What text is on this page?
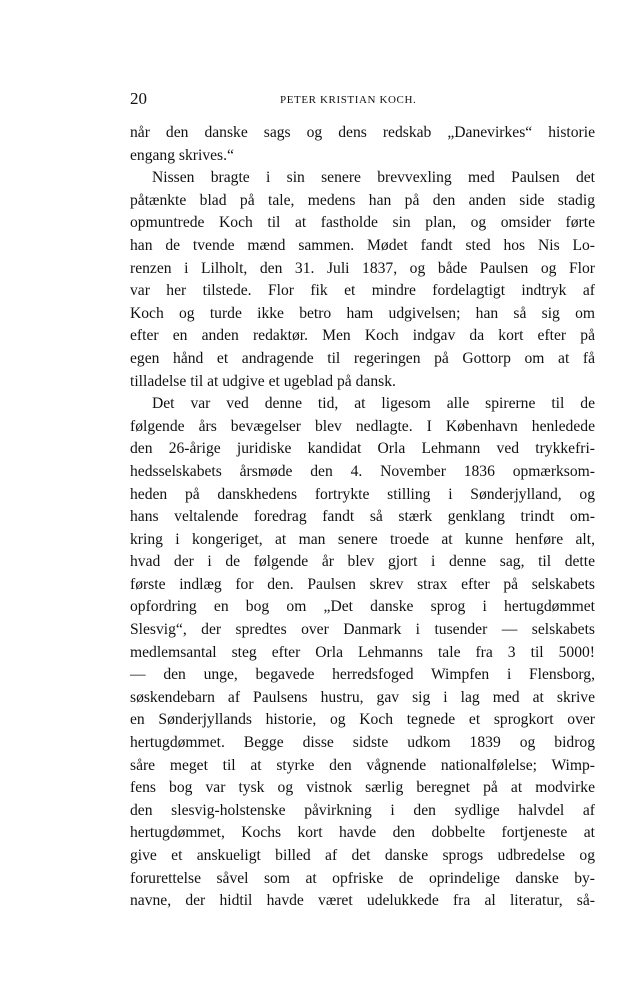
20	PETER KRISTIAN KOCH.
når den danske sags og dens redskab „Danevirkes“ historie
engang skrives.“
Nissen bragte i sin senere brevvexling med Paulsen det
påtænkte blad på tale, medens han på den anden side stadig
opmuntrede Koch til at fastholde sin plan, og omsider førte
han de tvende mænd sammen. Mødet fandt sted hos Nis Lo-
renzen i Lilholt, den 31. Juli 1837, og både Paulsen og Flor
var her tilstede. Flor fik et mindre fordelagtigt indtryk af
Koch og turde ikke betro ham udgivelsen; han så sig om
efter en anden redaktør. Men Koch indgav da kort efter på
egen hånd et andragende til regeringen på Gottorp om at få
tilladelse til at udgive et ugeblad på dansk.
Det var ved denne tid, at ligesom alle spirerne til de
følgende års bevægelser blev nedlagte. I København henledede
den 26-årige juridiske kandidat Orla Lehmann ved trykkefri-
hedsselskabets årsmøde den 4. November 1836 opmærksom-
heden på danskhedens fortrykte stilling i Sønderjylland, og
hans veltalende foredrag fandt så stærk genklang trindt om-
kring i kongeriget, at man senere troede at kunne henføre alt,
hvad der i de følgende år blev gjort i denne sag, til dette
første indlæg for den. Paulsen skrev strax efter på selskabets
opfordring en bog om „Det danske sprog i hertugdømmet
Slesvig“, der spredtes over Danmark i tusender — selskabets
medlemsantal steg efter Orla Lehmanns tale fra 3 til 5000!
— den unge, begavede herredsfoged Wimpfen i Flensborg,
søskendebarn af Paulsens hustru, gav sig i lag med at skrive
en Sønderjyllands historie, og Koch tegnede et sprogkort over
hertugdømmet. Begge disse sidste udkom 1839 og bidrog
såre meget til at styrke den vågnende nationalfølelse; Wimp-
fens bog var tysk og vistnok særlig beregnet på at modvirke
den slesvig-holstenske påvirkning i den sydlige halvdel af
hertugdømmet, Kochs kort havde den dobbelte fortjeneste at
give et anskueligt billed af det danske sprogs udbredelse og
forurettelse såvel som at opfriske de oprindelige danske by-
navne, der hidtil havde været udelukkede fra al literatur, så-
